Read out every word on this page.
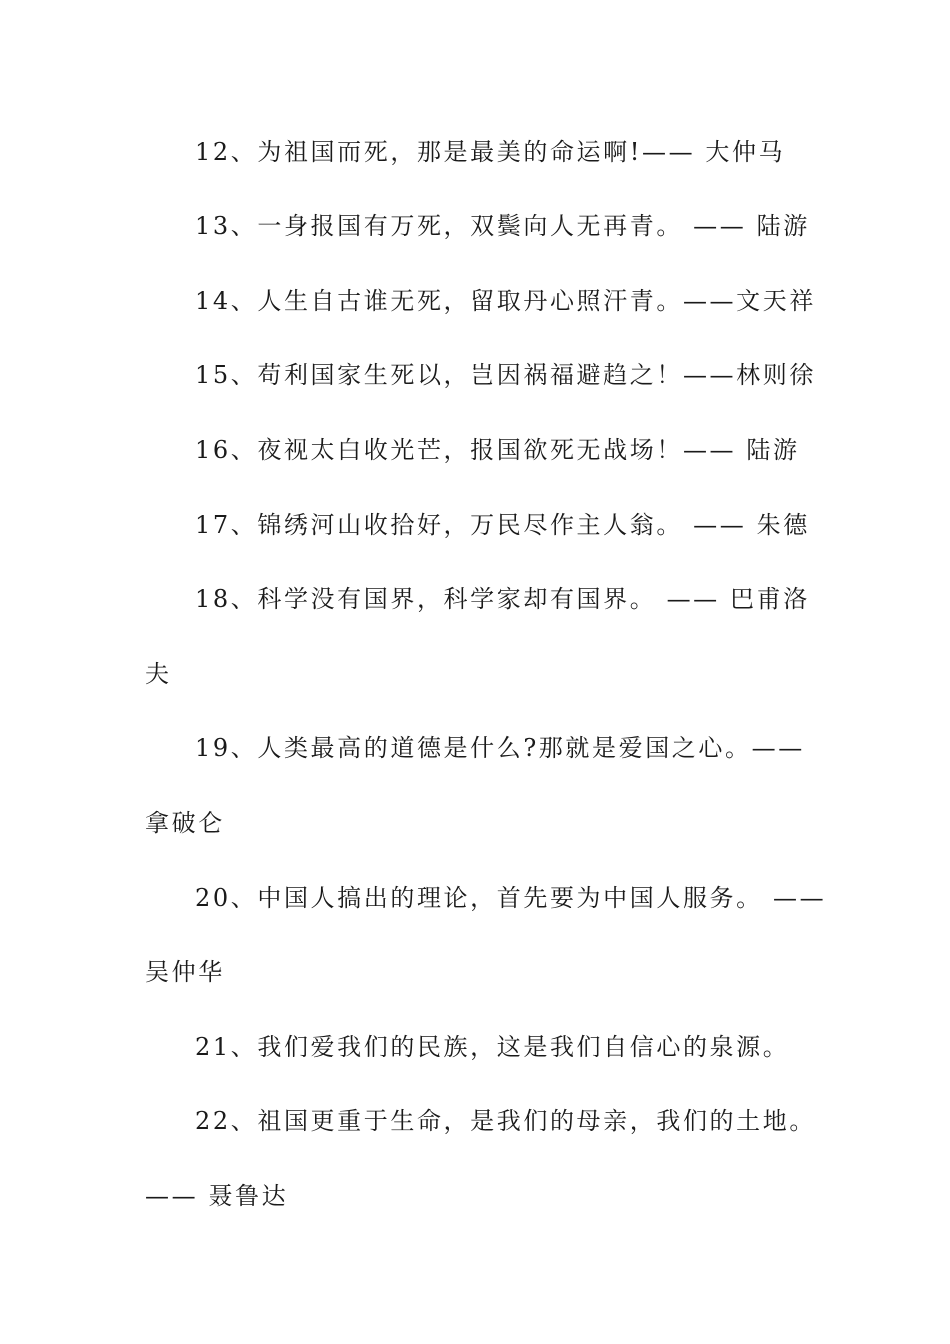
12、为祖国而死，那是最美的命运啊!—— 大仲马
13、一身报国有万死，双鬓向人无再青。 —— 陆游
14、人生自古谁无死，留取丹心照汗青。——文天祥
15、苟利国家生死以，岂因祸福避趋之！——林则徐
16、夜视太白收光芒，报国欲死无战场！—— 陆游
17、锦绣河山收拾好，万民尽作主人翁。 —— 朱德
18、科学没有国界，科学家却有国界。 —— 巴甫洛
夫
19、人类最高的道德是什么?那就是爱国之心。——
拿破仑
20、中国人搞出的理论，首先要为中国人服务。 ——
吴仲华
21、我们爱我们的民族，这是我们自信心的泉源。
22、祖国更重于生命，是我们的母亲，我们的土地。
—— 聂鲁达
